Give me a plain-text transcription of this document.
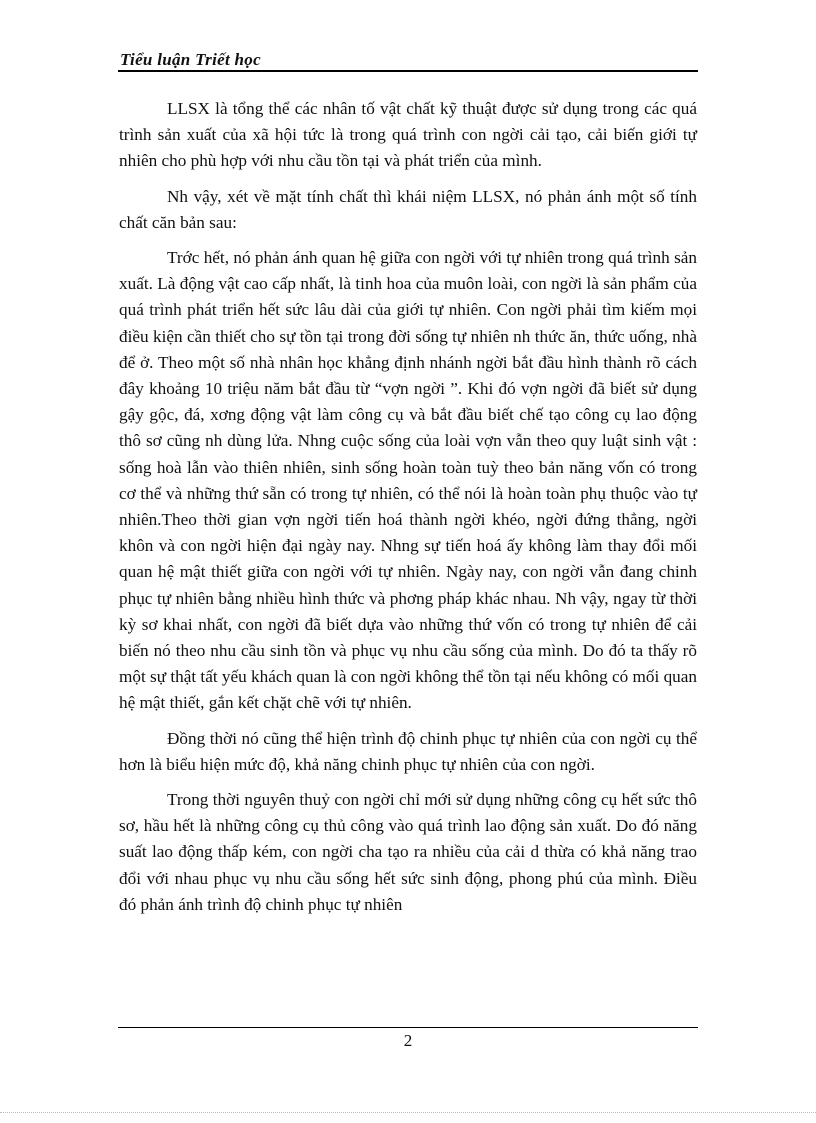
Tiểu luận Triết học

LLSX là tổng thể các nhân tố vật chất kỹ thuật được sử dụng trong các quá trình sản xuất của xã hội tức là trong quá trình con ngời cải tạo, cải biến giới tự nhiên cho phù hợp với nhu cầu tồn tại và phát triển của mình.

Nh vậy, xét về mặt tính chất thì khái niệm LLSX, nó phản ánh một số tính chất căn bản sau:

Trớc hết, nó phản ánh quan hệ giữa con ngời với tự nhiên trong quá trình sản xuất. Là động vật cao cấp nhất, là tinh hoa của muôn loài, con ngời là sản phẩm của quá trình phát triển hết sức lâu dài của giới tự nhiên. Con ngời phải tìm kiếm mọi điều kiện cần thiết cho sự tồn tại trong đời sống tự nhiên nh thức ăn, thức uống, nhà để ở. Theo một số nhà nhân học khẳng định nhánh ngời bắt đầu hình thành rõ cách đây khoảng 10 triệu năm bắt đầu từ “vợn ngời ”. Khi đó vợn ngời đã biết sử dụng gậy gộc, đá, xơng động vật làm công cụ và bắt đầu biết chế tạo công cụ lao động thô sơ cũng nh dùng lửa. Nhng cuộc sống của loài vợn vẫn theo quy luật sinh vật : sống hoà lẫn vào thiên nhiên, sinh sống hoàn toàn tuỳ theo bản năng vốn có trong cơ thể và những thứ sẵn có trong tự nhiên, có thể nói là hoàn toàn phụ thuộc vào tự nhiên.Theo thời gian vợn ngời tiến hoá thành ngời khéo, ngời đứng thẳng, ngời khôn và con ngời hiện đại ngày nay. Nhng sự tiến hoá ấy không làm thay đổi mối quan hệ mật thiết giữa con ngời với tự nhiên. Ngày nay, con ngời vẫn đang chinh phục tự nhiên bằng nhiều hình thức và phơng pháp khác nhau. Nh vậy, ngay từ thời kỳ sơ khai nhất, con ngời đã biết dựa vào những thứ vốn có trong tự nhiên để cải biến nó theo nhu cầu sinh tồn và phục vụ nhu cầu sống của mình. Do đó ta thấy rõ một sự thật tất yếu khách quan là con ngời không thể tồn tại nếu không có mối quan hệ mật thiết, gắn kết chặt chẽ với tự nhiên.

Đồng thời nó cũng thể hiện trình độ chinh phục tự nhiên của con ngời cụ thể hơn là biểu hiện mức độ, khả năng chinh phục tự nhiên của con ngời.

Trong thời nguyên thuỷ con ngời chỉ mới sử dụng những công cụ hết sức thô sơ, hầu hết là những công cụ thủ công vào quá trình lao động sản xuất. Do đó năng suất lao động thấp kém, con ngời cha tạo ra nhiều của cải d thừa có khả năng trao đổi với nhau phục vụ nhu cầu sống hết sức sinh động, phong phú của mình. Điều đó phản ánh trình độ chinh phục tự nhiên

2
